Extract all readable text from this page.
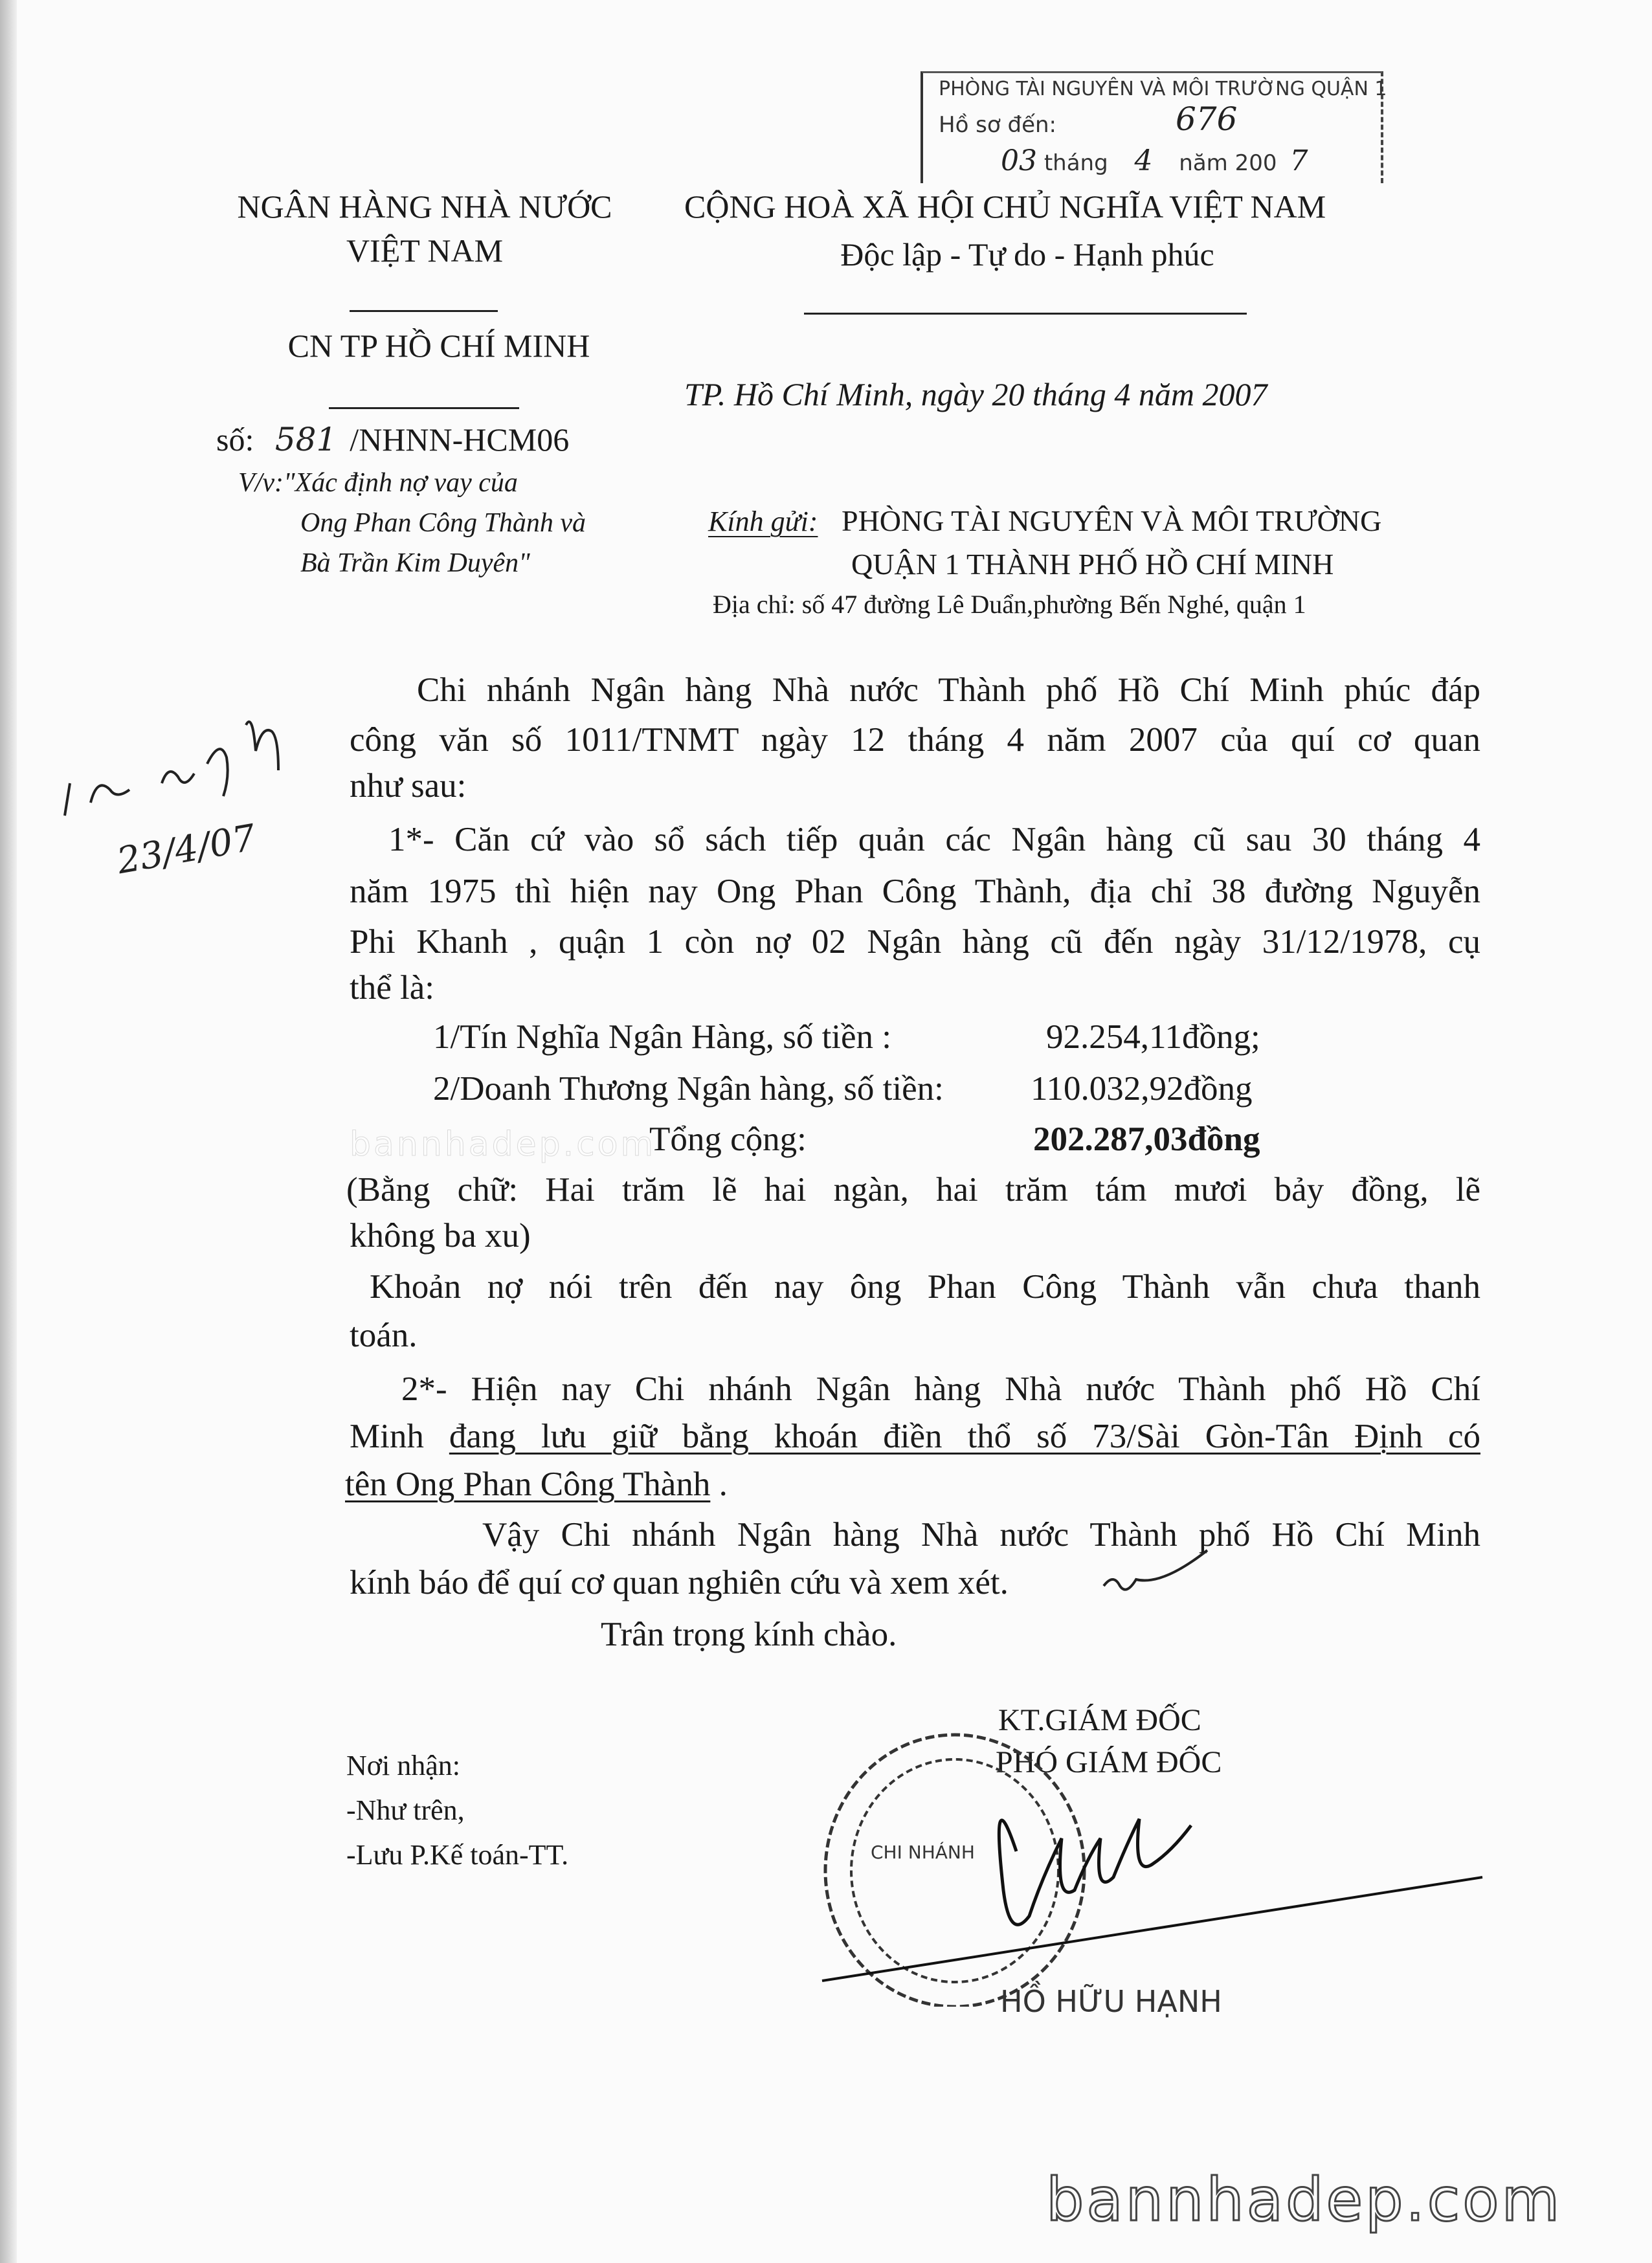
NGÂN HÀNG NHÀ NƯỚC
VIỆT NAM
CN TP HỒ CHÍ MINH
số: 581 /NHNN-HCM06
V/v:"Xác định nợ vay của
Ong Phan Công Thành và
Bà Trần Kim Duyên"
PHÒNG TÀI NGUYÊN VÀ MÔI TRƯỜNG QUẬN 1
Hồ sơ đến:	676
03 tháng 4 năm 200 7
CỘNG HOÀ XÃ HỘI CHỦ NGHĨA VIỆT NAM
Độc lập - Tự do - Hạnh phúc
TP. Hồ Chí Minh, ngày 20 tháng 4 năm 2007
Kính gửi: PHÒNG TÀI NGUYÊN VÀ MÔI TRƯỜNG
QUẬN 1 THÀNH PHỐ HỒ CHÍ MINH
Địa chỉ: số 47 đường Lê Duẩn,phường Bến Nghé, quận 1
23/4/07
Chi nhánh Ngân hàng Nhà nước Thành phố Hồ Chí Minh phúc đáp
công văn số 1011/TNMT ngày 12 tháng 4 năm 2007 của quí cơ quan
như sau:
1*- Căn cứ vào sổ sách tiếp quản các Ngân hàng cũ sau 30 tháng 4
năm 1975 thì hiện nay Ong Phan Công Thành, địa chỉ 38 đường Nguyễn
Phi Khanh , quận 1 còn nợ 02 Ngân hàng cũ đến ngày 31/12/1978, cụ
thể là:
1/Tín Nghĩa Ngân Hàng, số tiền :	92.254,11đồng;
2/Doanh Thương Ngân hàng, số tiền:	110.032,92đồng
bannhadep.com
Tổng cộng:	202.287,03đồng
(Bằng chữ: Hai trăm lẽ hai ngàn, hai trăm tám mươi bảy đồng, lẽ
không ba xu)
Khoản nợ nói trên đến nay ông Phan Công Thành vẫn chưa thanh
toán.
2*- Hiện nay Chi nhánh Ngân hàng Nhà nước Thành phố Hồ Chí
Minh đang lưu giữ bằng khoán điền thổ số 73/Sài Gòn-Tân Định có
tên Ong Phan Công Thành .
Vậy Chi nhánh Ngân hàng Nhà nước Thành phố Hồ Chí Minh
kính báo để quí cơ quan nghiên cứu và xem xét.
Trân trọng kính chào.
Nơi nhận:
-Như trên,
-Lưu P.Kế toán-TT.
KT.GIÁM ĐỐC
PHÓ GIÁM ĐỐC
CHI NHÁNH
HỒ HỮU HẠNH
bannhadep.com
